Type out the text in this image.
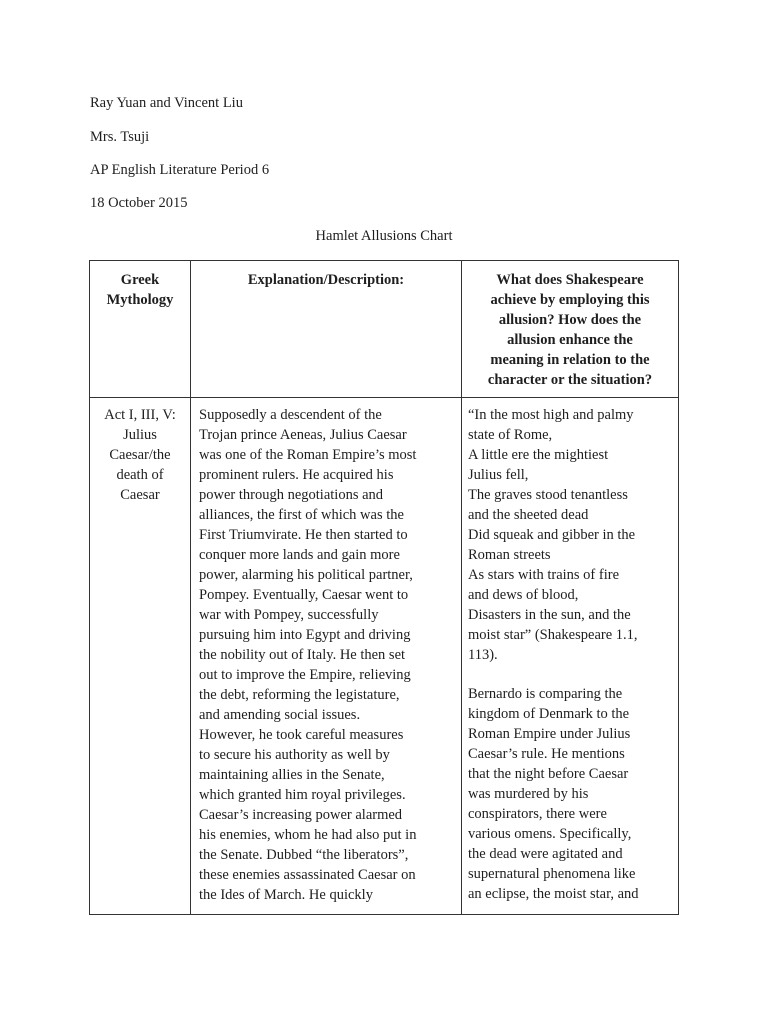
Ray Yuan and Vincent Liu
Mrs. Tsuji
AP English Literature Period 6
18 October 2015
Hamlet Allusions Chart
Greek
Mythology
Explanation/Description:	What does Shakespeare
achieve by employing this
allusion? How does the
allusion enhance the
meaning in relation to the
character or the situation?
Act I, III, V:
Julius
Caesar/the
death of
Caesar
Supposedly a descendent of the
Trojan prince Aeneas, Julius Caesar
was one of the Roman Empire’s most
prominent rulers. He acquired his
power through negotiations and
alliances, the first of which was the
First Triumvirate. He then started to
conquer more lands and gain more
power, alarming his political partner,
Pompey. Eventually, Caesar went to
war with Pompey, successfully
pursuing him into Egypt and driving
the nobility out of Italy. He then set
out to improve the Empire, relieving
the debt, reforming the legistature,
and amending social issues.
However, he took careful measures
to secure his authority as well by
maintaining allies in the Senate,
which granted him royal privileges.
Caesar’s increasing power alarmed
his enemies, whom he had also put in
the Senate. Dubbed “the liberators”,
these enemies assassinated Caesar on
the Ides of March. He quickly
“In the most high and palmy
state of Rome,
A little ere the mightiest
Julius fell,
The graves stood tenantless
and the sheeted dead
Did squeak and gibber in the
Roman streets
As stars with trains of fire
and dews of blood,
Disasters in the sun, and the
moist star” (Shakespeare 1.1,
113).
Bernardo is comparing the
kingdom of Denmark to the
Roman Empire under Julius
Caesar’s rule. He mentions
that the night before Caesar
was murdered by his
conspirators, there were
various omens. Specifically,
the dead were agitated and
supernatural phenomena like
an eclipse, the moist star, and
